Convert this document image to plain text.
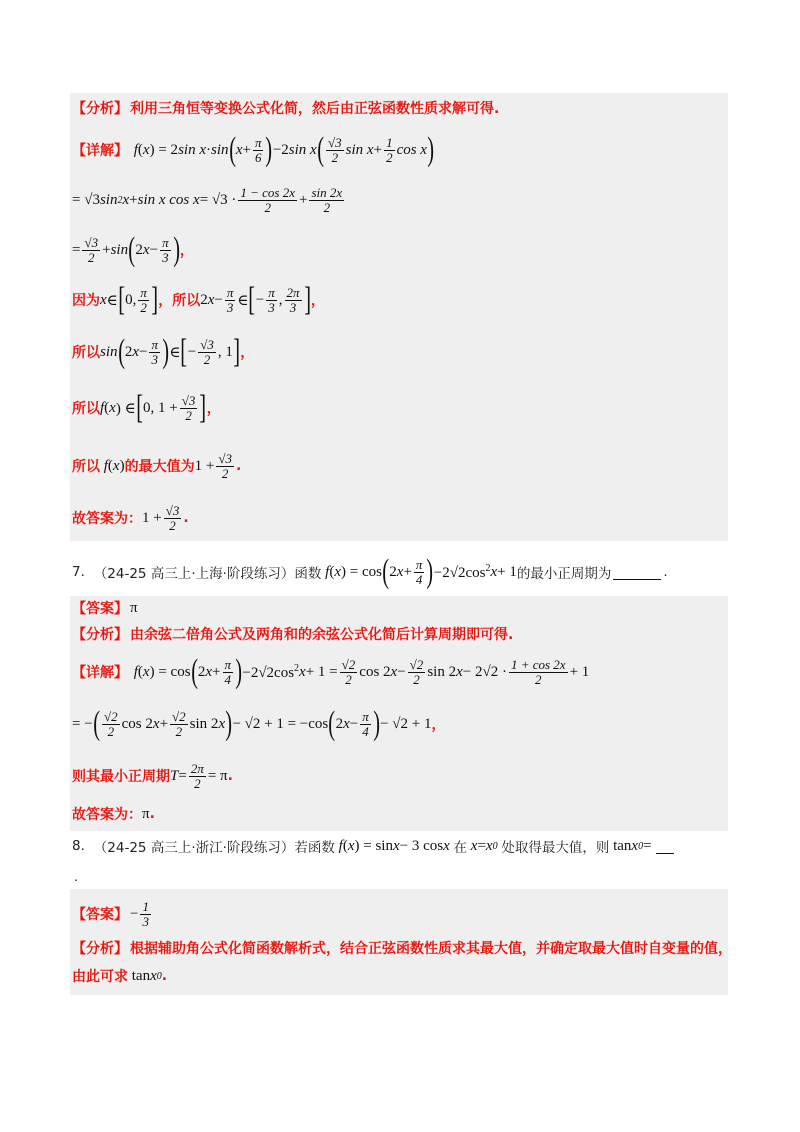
【分析】 利用三角恒等变换公式化简，然后由正弦函数性质求解可得.
【详解】 f ( x ) = 2 sin x · sin ( $x + \frac{\pi}{6}$ ) −2 sin x ( $\frac{√3}{2}$ $\sin x + \frac{1}{2}$ cos x )
= √3 sin 2 x + sin x $\cos x = √3 \cdot \frac{1 - \cos 2x}{2} + \frac{\sin 2x}{2}$
= $\frac{√3}{2} + \sin$ ( 2 $x - \frac{\pi}{3}$ ) ，
因为 x ∈ [ 0, $\frac{\pi}{2}$ ] ，所以 2 $x - \frac{\pi}{3}$ ∈ [ − $\frac{\pi}{3}$ , $\frac{2\pi}{3}$ ] ，
所以 sin ( 2 $x - \frac{\pi}{3}$ ) ∈ [ − $\frac{√3}{2}$ , 1 ] ，
所以 f ( x ) ∈ [ 0, $1 + \frac{√3}{2}$ ] ，
所以 f ( x ) 的最大值为 $1 + \frac{√3}{2}$ .
故答案为： $1 + \frac{√3}{2}$ .
7.
（24-25 高三上·上海·阶段练习）函数 f ( x ) = cos ( 2 $x + \frac{\pi}{4}$ ) $-2√2\cos^2$ x + 1 的最小正周期为	.
【答案】 π
【分析】 由余弦二倍角公式及两角和的余弦公式化简后计算周期即可得.
【详解】 f ( x ) = cos ( 2 $x + \frac{\pi}{4}$ ) $-2√2\cos^2$ $x + 1 = \frac{√2}{2}$ cos 2 $x - \frac{√2}{2}$ sin 2 $x - 2√2 \cdot \frac{1 + \cos 2x}{2} + 1$
= − ( $\frac{√2}{2}$ cos 2 $x + \frac{√2}{2}$ sin 2 x ) − √2 + 1 = −cos ( 2 $x - \frac{\pi}{4}$ ) − √2 + 1 ，
则其最小正周期 $T = \frac{2\pi}{2} = \pi$ .
故答案为： π .
8.
（24-25 高三上·浙江·阶段练习）若函数 f ( x ) = sin x − 3 cos x 在 x = x 0
处取得最大值，则
tan x 0 =
.
【答案】 − $\frac{1}{3}$
【分析】 根据辅助角公式化简函数解析式，结合正弦函数性质求其最大值，并确定取最大值时自变量的值，
由此可求
tan x 0 .
